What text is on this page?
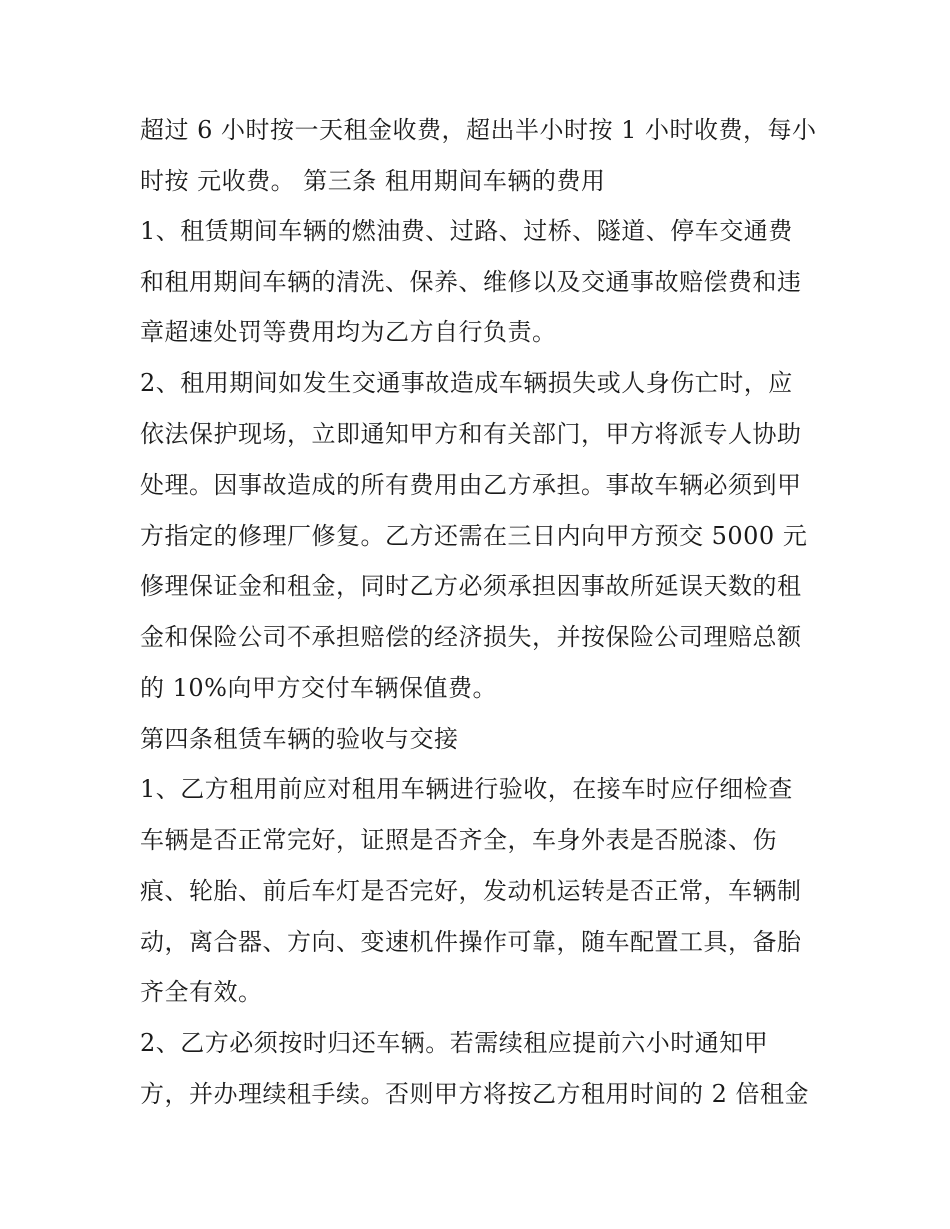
超过 6 小时按一天租金收费，超出半小时按 1 小时收费，每小
时按 元收费。 第三条 租用期间车辆的费用
1、租赁期间车辆的燃油费、过路、过桥、隧道、停车交通费
和租用期间车辆的清洗、保养、维修以及交通事故赔偿费和违
章超速处罚等费用均为乙方自行负责。
2、租用期间如发生交通事故造成车辆损失或人身伤亡时，应
依法保护现场，立即通知甲方和有关部门，甲方将派专人协助
处理。因事故造成的所有费用由乙方承担。事故车辆必须到甲
方指定的修理厂修复。乙方还需在三日内向甲方预交 5000 元
修理保证金和租金，同时乙方必须承担因事故所延误天数的租
金和保险公司不承担赔偿的经济损失，并按保险公司理赔总额
的 10%向甲方交付车辆保值费。
第四条租赁车辆的验收与交接
1、乙方租用前应对租用车辆进行验收，在接车时应仔细检查
车辆是否正常完好，证照是否齐全，车身外表是否脱漆、伤
痕、轮胎、前后车灯是否完好，发动机运转是否正常，车辆制
动，离合器、方向、变速机件操作可靠，随车配置工具，备胎
齐全有效。
2、乙方必须按时归还车辆。若需续租应提前六小时通知甲
方，并办理续租手续。否则甲方将按乙方租用时间的 2 倍租金
